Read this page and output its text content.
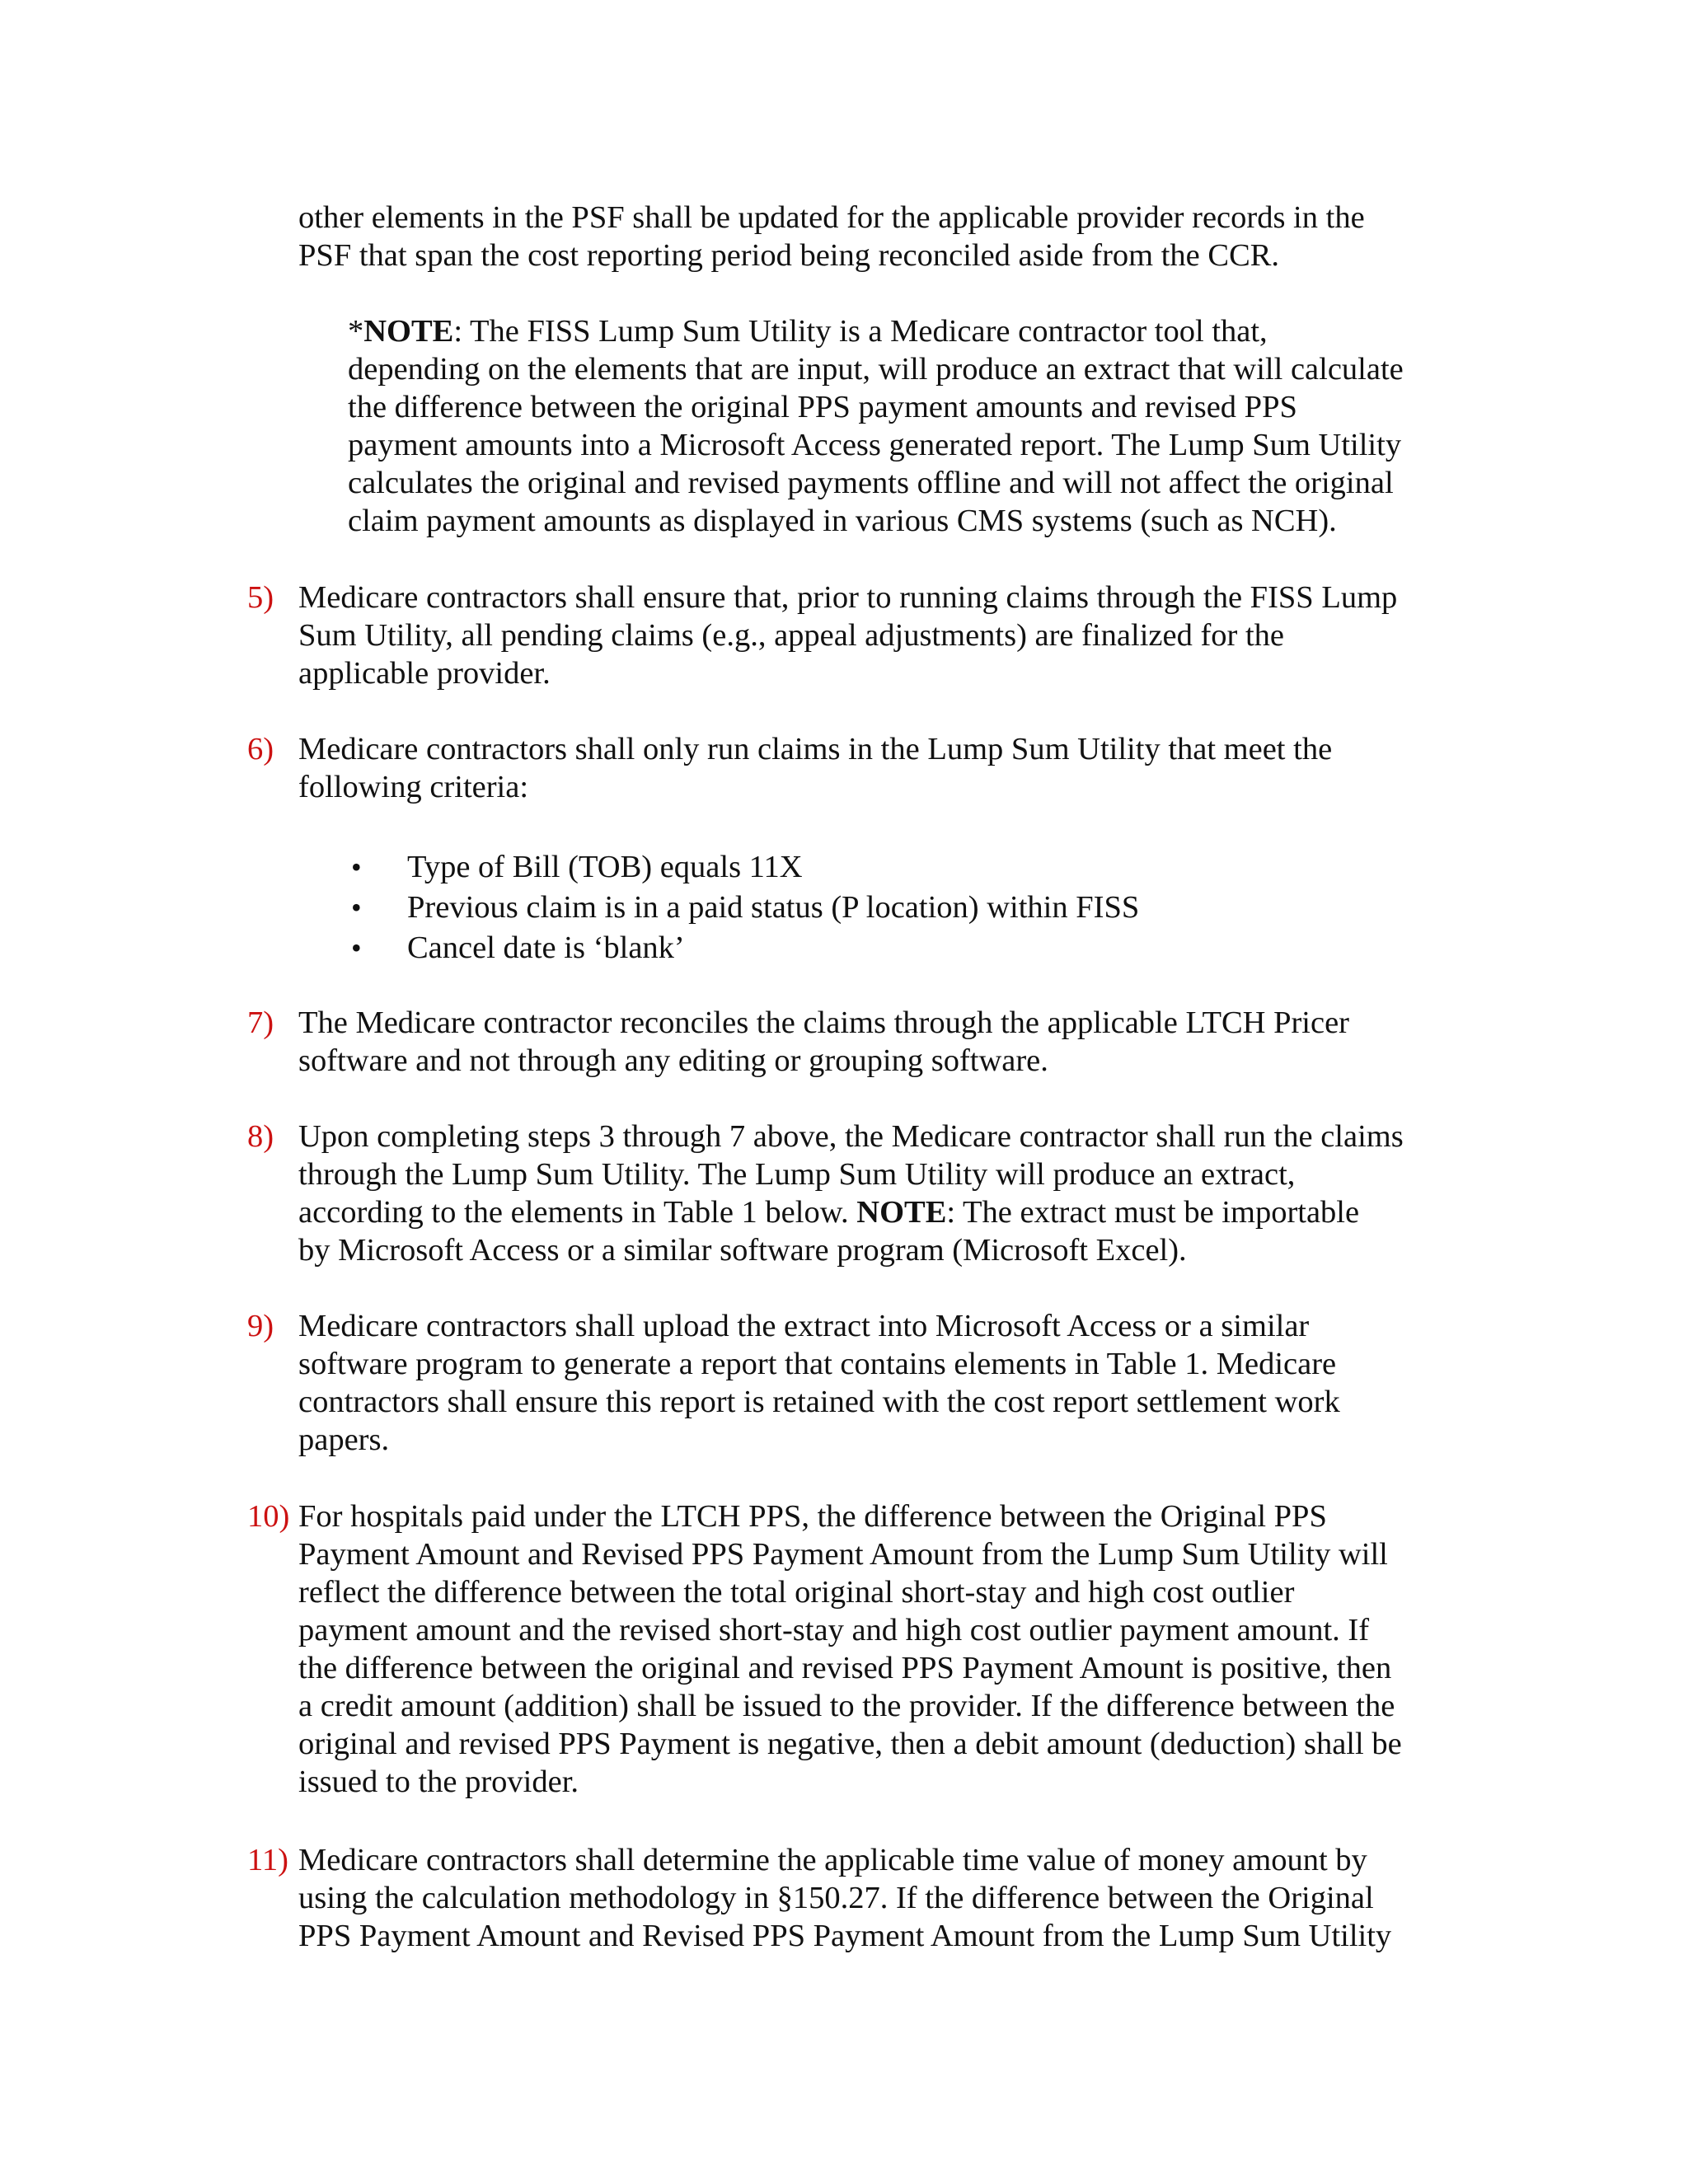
other elements in the PSF shall be updated for the applicable provider records in the
PSF that span the cost reporting period being reconciled aside from the CCR.
*NOTE: The FISS Lump Sum Utility is a Medicare contractor tool that,
depending on the elements that are input, will produce an extract that will calculate
the difference between the original PPS payment amounts and revised PPS
payment amounts into a Microsoft Access generated report. The Lump Sum Utility
calculates the original and revised payments offline and will not affect the original
claim payment amounts as displayed in various CMS systems (such as NCH).
5) Medicare contractors shall ensure that, prior to running claims through the FISS Lump
Sum Utility, all pending claims (e.g., appeal adjustments) are finalized for the
applicable provider.
6) Medicare contractors shall only run claims in the Lump Sum Utility that meet the
following criteria:
• Type of Bill (TOB) equals 11X
• Previous claim is in a paid status (P location) within FISS
• Cancel date is ‘blank’
7) The Medicare contractor reconciles the claims through the applicable LTCH Pricer
software and not through any editing or grouping software.
8) Upon completing steps 3 through 7 above, the Medicare contractor shall run the claims
through the Lump Sum Utility. The Lump Sum Utility will produce an extract,
according to the elements in Table 1 below. NOTE: The extract must be importable
by Microsoft Access or a similar software program (Microsoft Excel).
9) Medicare contractors shall upload the extract into Microsoft Access or a similar
software program to generate a report that contains elements in Table 1. Medicare
contractors shall ensure this report is retained with the cost report settlement work
papers.
10) For hospitals paid under the LTCH PPS, the difference between the Original PPS
Payment Amount and Revised PPS Payment Amount from the Lump Sum Utility will
reflect the difference between the total original short-stay and high cost outlier
payment amount and the revised short-stay and high cost outlier payment amount. If
the difference between the original and revised PPS Payment Amount is positive, then
a credit amount (addition) shall be issued to the provider. If the difference between the
original and revised PPS Payment is negative, then a debit amount (deduction) shall be
issued to the provider.
11) Medicare contractors shall determine the applicable time value of money amount by
using the calculation methodology in §150.27. If the difference between the Original
PPS Payment Amount and Revised PPS Payment Amount from the Lump Sum Utility
